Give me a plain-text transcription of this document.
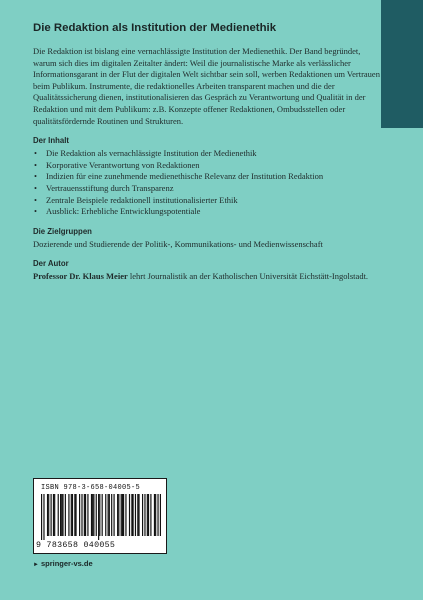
Die Redaktion als Institution der Medienethik

Die Redaktion ist bislang eine vernachlässigte Institution der Medienethik. Der Band begründet, warum sich dies im digitalen Zeitalter ändert: Weil die journalistische Marke als verlässlicher Informationsgarant in der Flut der digitalen Welt sichtbar sein soll, werben Redaktionen um Vertrauen beim Publikum. Instrumente, die redaktionelles Arbeiten transparent machen und die der Qualitätssicherung dienen, institutionalisieren das Gespräch zu Verantwortung und Qualität in der Redaktion und mit dem Publikum: z.B. Konzepte offener Redaktionen, Ombudsstellen oder qualitätsfördernde Routinen und Strukturen.

Der Inhalt
• Die Redaktion als vernachlässigte Institution der Medienethik
• Korporative Verantwortung von Redaktionen
• Indizien für eine zunehmende medienethische Relevanz der Institution Redaktion
• Vertrauensstiftung durch Transparenz
• Zentrale Beispiele redaktionell institutionalisierter Ethik
• Ausblick: Erhebliche Entwicklungspotentiale
Die Zielgruppen

Dozierende und Studierende der Politik-, Kommunikations- und Medienwissenschaft

Der Autor

Professor Dr. Klaus Meier lehrt Journalistik an der Katholischen Universität Eichstätt-Ingolstadt.

ISBN 978-3-658-04005-5
9 783658 040055
► springer-vs.de
